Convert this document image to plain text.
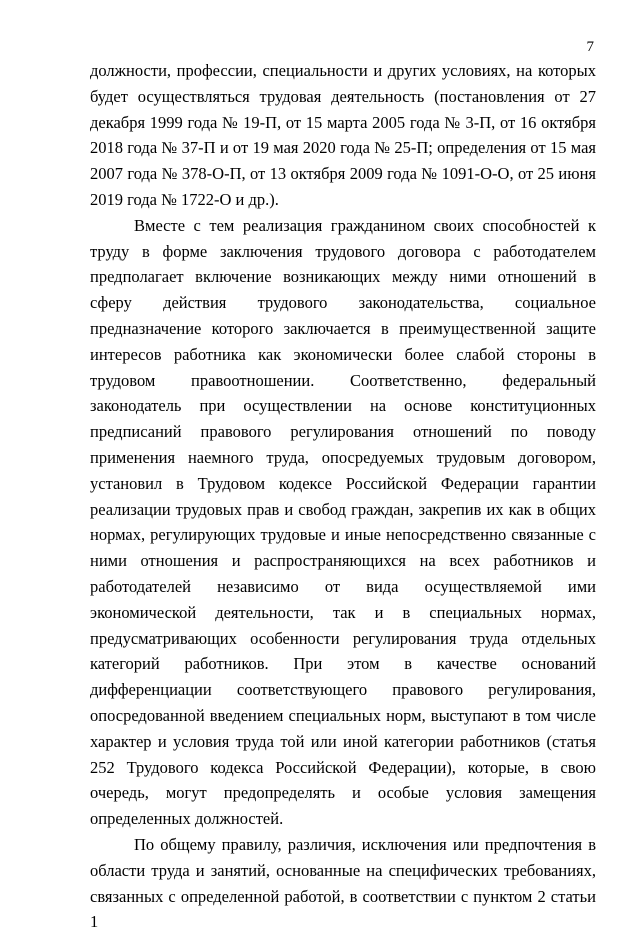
7

должности, профессии, специальности и других условиях, на которых будет осуществляться трудовая деятельность (постановления от 27 декабря 1999 года № 19-П, от 15 марта 2005 года № 3-П, от 16 октября 2018 года № 37-П и от 19 мая 2020 года № 25-П; определения от 15 мая 2007 года № 378-О-П, от 13 октября 2009 года № 1091-О-О, от 25 июня 2019 года № 1722-О и др.).

Вместе с тем реализация гражданином своих способностей к труду в форме заключения трудового договора с работодателем предполагает включение возникающих между ними отношений в сферу действия трудового законодательства, социальное предназначение которого заключается в преимущественной защите интересов работника как экономически более слабой стороны в трудовом правоотношении. Соответственно, федеральный законодатель при осуществлении на основе конституционных предписаний правового регулирования отношений по поводу применения наемного труда, опосредуемых трудовым договором, установил в Трудовом кодексе Российской Федерации гарантии реализации трудовых прав и свобод граждан, закрепив их как в общих нормах, регулирующих трудовые и иные непосредственно связанные с ними отношения и распространяющихся на всех работников и работодателей независимо от вида осуществляемой ими экономической деятельности, так и в специальных нормах, предусматривающих особенности регулирования труда отдельных категорий работников. При этом в качестве оснований дифференциации соответствующего правового регулирования, опосредованной введением специальных норм, выступают в том числе характер и условия труда той или иной категории работников (статья 252 Трудового кодекса Российской Федерации), которые, в свою очередь, могут предопределять и особые условия замещения определенных должностей.

По общему правилу, различия, исключения или предпочтения в области труда и занятий, основанные на специфических требованиях, связанных с определенной работой, в соответствии с пунктом 2 статьи 1
